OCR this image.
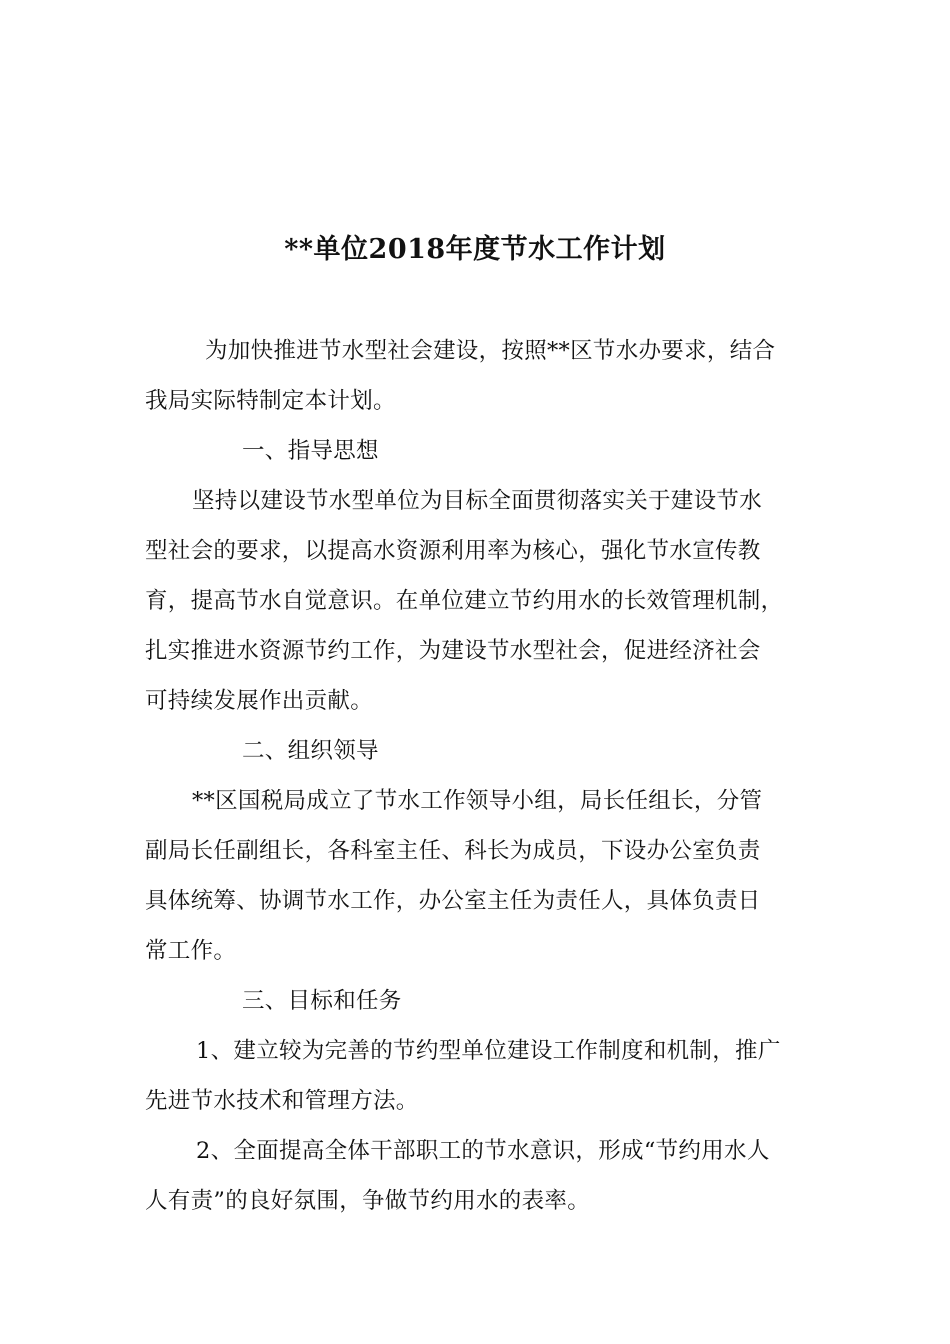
**单位2018年度节水工作计划
为加快推进节水型社会建设，按照**区节水办要求，结合
我局实际特制定本计划。
一、指导思想
坚持以建设节水型单位为目标全面贯彻落实关于建设节水
型社会的要求，以提高水资源利用率为核心，强化节水宣传教
育，提高节水自觉意识。在单位建立节约用水的长效管理机制，
扎实推进水资源节约工作，为建设节水型社会，促进经济社会
可持续发展作出贡献。
二、组织领导
**区国税局成立了节水工作领导小组，局长任组长，分管
副局长任副组长，各科室主任、科长为成员，下设办公室负责
具体统筹、协调节水工作，办公室主任为责任人，具体负责日
常工作。
三、目标和任务
1、建立较为完善的节约型单位建设工作制度和机制，推广
先进节水技术和管理方法。
2、全面提高全体干部职工的节水意识，形成“节约用水人
人有责”的良好氛围，争做节约用水的表率。
